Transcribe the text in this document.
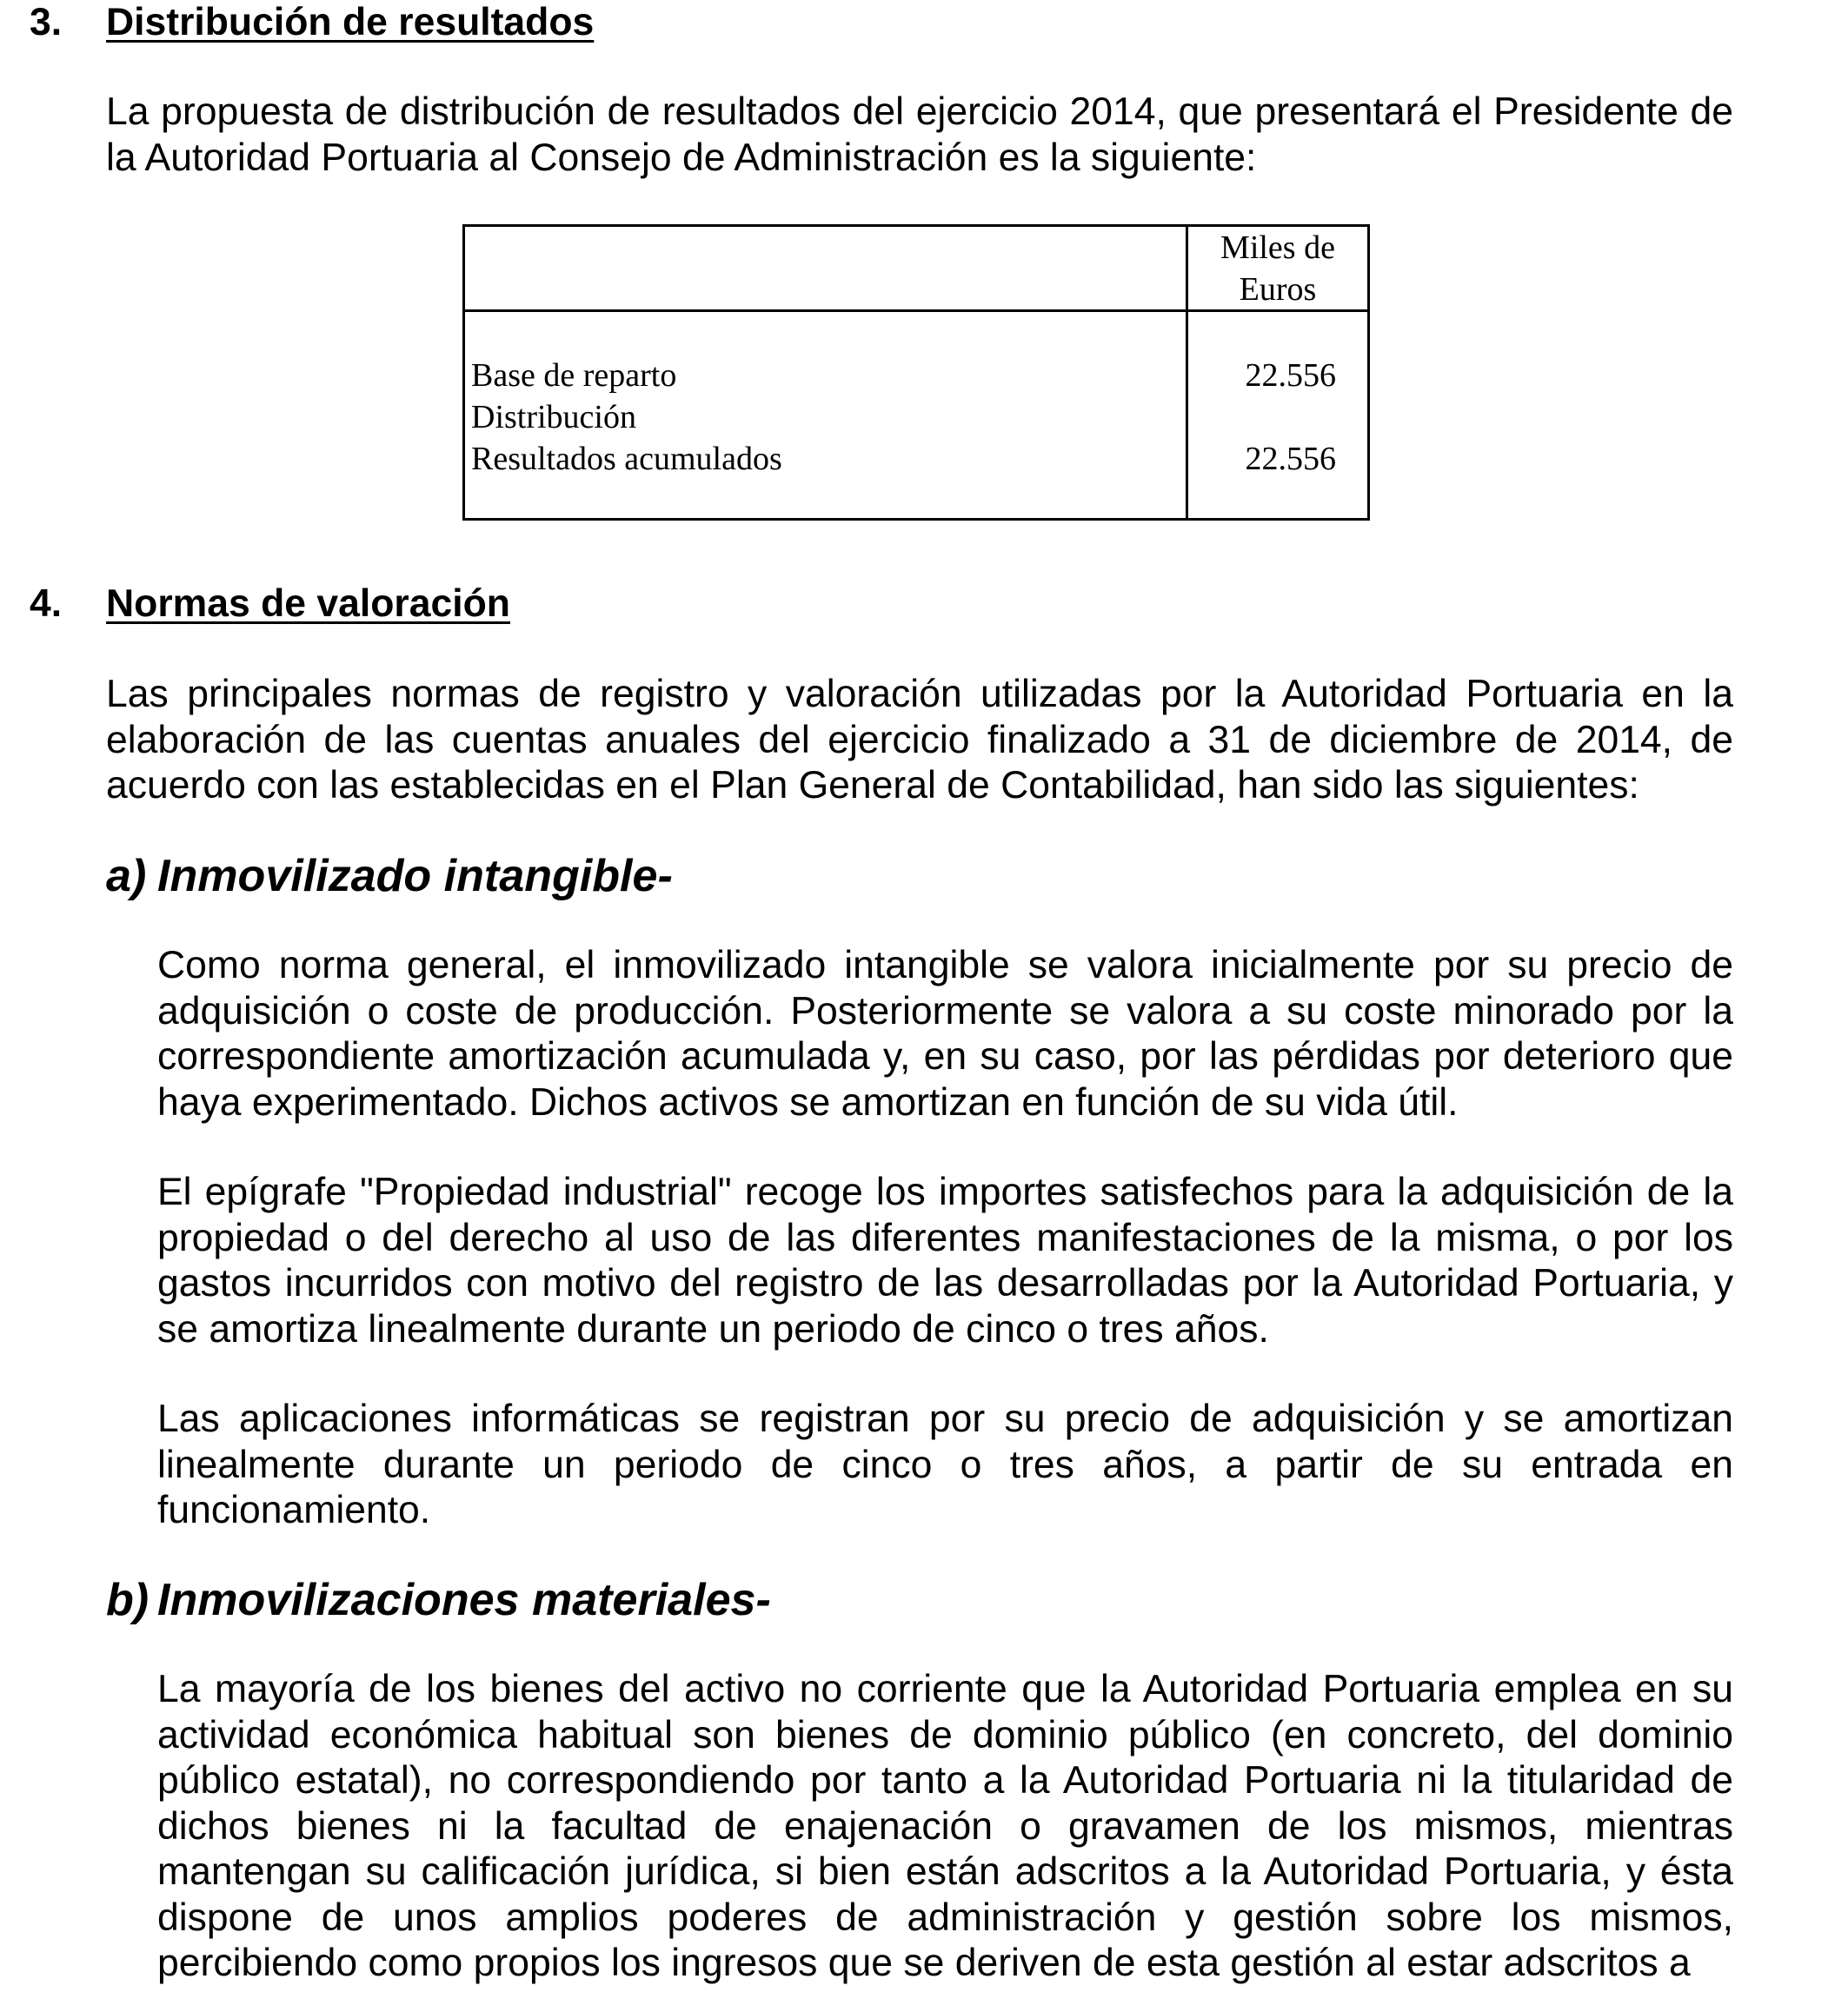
3. Distribución de resultados

La propuesta de distribución de resultados del ejercicio 2014, que presentará el Presidente de la Autoridad Portuaria al Consejo de Administración es la siguiente:

Miles de Euros
Base de reparto	22.556
Distribución
Resultados acumulados	22.556
4. Normas de valoración

Las principales normas de registro y valoración utilizadas por la Autoridad Portuaria en la elaboración de las cuentas anuales del ejercicio finalizado a 31 de diciembre de 2014, de acuerdo con las establecidas en el Plan General de Contabilidad, han sido las siguientes:

a) Inmovilizado intangible-

Como norma general, el inmovilizado intangible se valora inicialmente por su precio de adquisición o coste de producción. Posteriormente se valora a su coste minorado por la correspondiente amortización acumulada y, en su caso, por las pérdidas por deterioro que haya experimentado. Dichos activos se amortizan en función de su vida útil.

El epígrafe "Propiedad industrial" recoge los importes satisfechos para la adquisición de la propiedad o del derecho al uso de las diferentes manifestaciones de la misma, o por los gastos incurridos con motivo del registro de las desarrolladas por la Autoridad Portuaria, y se amortiza linealmente durante un periodo de cinco o tres años.

Las aplicaciones informáticas se registran por su precio de adquisición y se amortizan linealmente durante un periodo de cinco o tres años, a partir de su entrada en funcionamiento.

b) Inmovilizaciones materiales-

La mayoría de los bienes del activo no corriente que la Autoridad Portuaria emplea en su actividad económica habitual son bienes de dominio público (en concreto, del dominio público estatal), no correspondiendo por tanto a la Autoridad Portuaria ni la titularidad de dichos bienes ni la facultad de enajenación o gravamen de los mismos, mientras mantengan su calificación jurídica, si bien están adscritos a la Autoridad Portuaria, y ésta dispone de unos amplios poderes de administración y gestión sobre los mismos, percibiendo como propios los ingresos que se deriven de esta gestión al estar adscritos a
